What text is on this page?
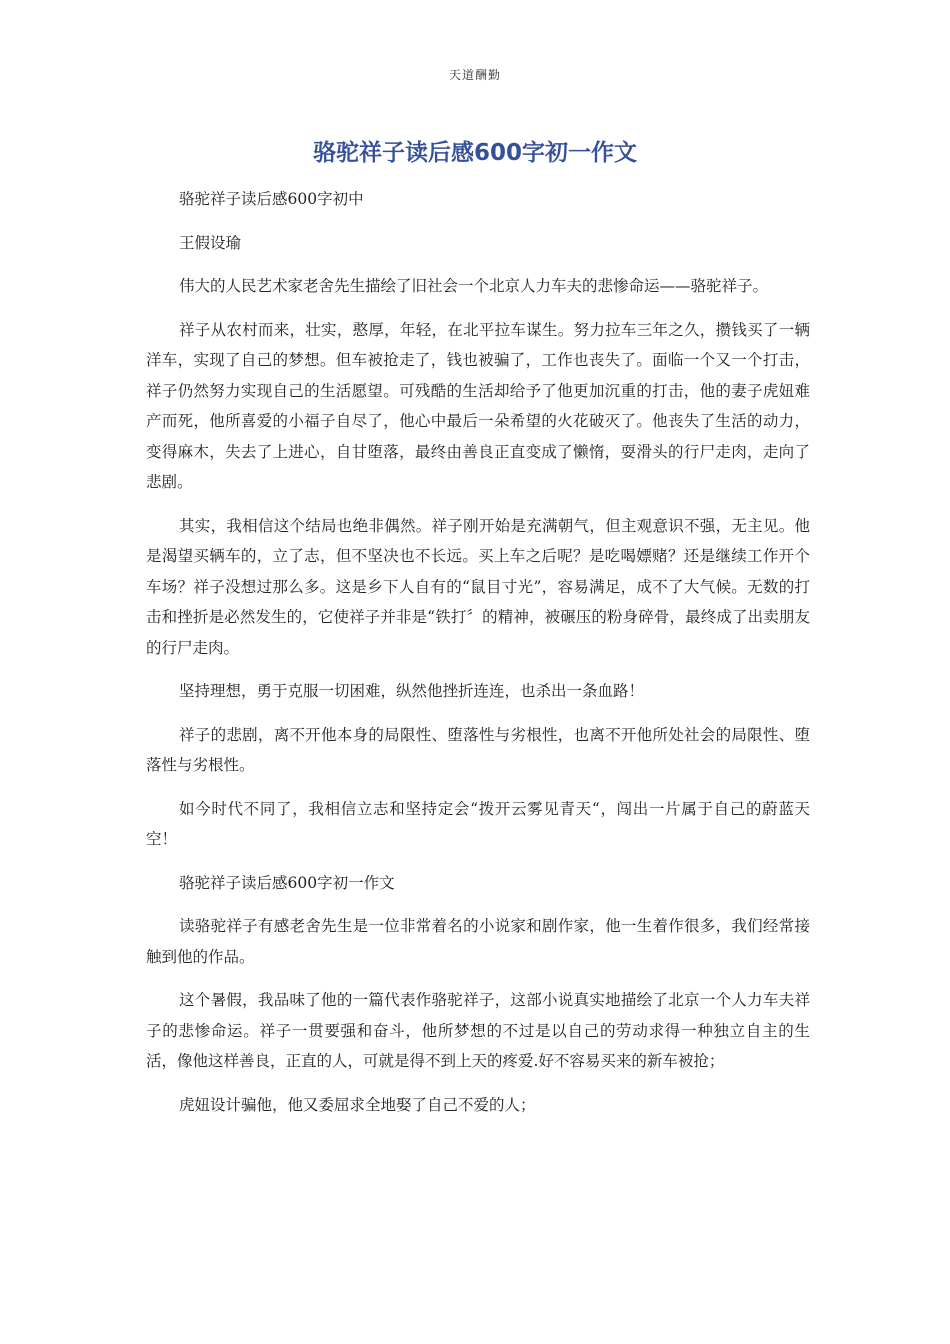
天道酬勤
骆驼祥子读后感600字初一作文

骆驼祥子读后感600字初中

王假设瑜

伟大的人民艺术家老舍先生描绘了旧社会一个北京人力车夫的悲惨命运——骆驼祥子。

祥子从农村而来，壮实，憨厚，年轻，在北平拉车谋生。努力拉车三年之久，攒钱买了一辆洋车，实现了自己的梦想。但车被抢走了，钱也被骗了，工作也丧失了。面临一个又一个打击，祥子仍然努力实现自己的生活愿望。可残酷的生活却给予了他更加沉重的打击，他的妻子虎妞难产而死，他所喜爱的小福子自尽了，他心中最后一朵希望的火花破灭了。他丧失了生活的动力，变得麻木，失去了上进心，自甘堕落，最终由善良正直变成了懒惰，耍滑头的行尸走肉，走向了悲剧。

其实，我相信这个结局也绝非偶然。祥子刚开始是充满朝气，但主观意识不强，无主见。他是渴望买辆车的，立了志，但不坚决也不长远。买上车之后呢？是吃喝嫖赌？还是继续工作开个车场？祥子没想过那么多。这是乡下人自有的“鼠目寸光”，容易满足，成不了大气候。无数的打击和挫折是必然发生的，它使祥子并非是“铁打〞的精神，被碾压的粉身碎骨，最终成了出卖朋友的行尸走肉。

坚持理想，勇于克服一切困难，纵然他挫折连连，也杀出一条血路！

祥子的悲剧，离不开他本身的局限性、堕落性与劣根性，也离不开他所处社会的局限性、堕落性与劣根性。

如今时代不同了，我相信立志和坚持定会“拨开云雾见青天“，闯出一片属于自己的蔚蓝天空！

骆驼祥子读后感600字初一作文

读骆驼祥子有感老舍先生是一位非常着名的小说家和剧作家，他一生着作很多，我们经常接触到他的作品。

这个暑假，我品味了他的一篇代表作骆驼祥子，这部小说真实地描绘了北京一个人力车夫祥子的悲惨命运。祥子一贯要强和奋斗，他所梦想的不过是以自己的劳动求得一种独立自主的生活，像他这样善良，正直的人，可就是得不到上天的疼爱.好不容易买来的新车被抢；

虎妞设计骗他，他又委屈求全地娶了自己不爱的人；
